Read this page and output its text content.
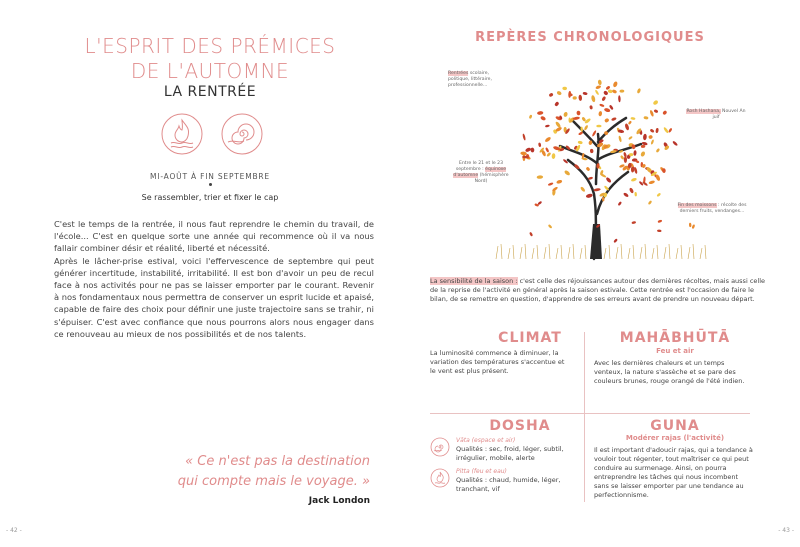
L'ESPRIT DES PRÉMICES
DE L'AUTOMNE
LA RENTRÉE
MI-AOÛT À FIN SEPTEMBRE
Se rassembler, trier et fixer le cap

C'est le temps de la rentrée, il nous faut reprendre le chemin du travail, de l'école... C'est en quelque sorte une année qui recommence où il va nous fallair combiner désir et réalité, liberté et nécessité.

Après le lâcher-prise estival, voici l'effervescence de septembre qui peut générer incertitude, instabilité, irritabilité. Il est bon d'avoir un peu de recul face à nos activités pour ne pas se laisser emporter par le courant. Revenir à nos fondamentaux nous permettra de conserver un esprit lucide et apaisé, capable de faire des choix pour définir une juste trajectoire sans se trahir, ni s'épuiser. C'est avec confiance que nous pourrons alors nous engager dans ce renouveau au mieux de nos possibilités et de nos talents.

« Ce n'est pas la destination
qui compte mais le voyage. »
Jack London
- 42 -
REPÈRES CHRONOLOGIQUES
Rentrées scolaire, politique, littéraire, professionnelle...
Rosh Hashana, Nouvel An juif
Entre le 21 et le 23 septembre : équinoxe d'automne (hémisphère Nord)
Fin des moissons : récolte des derniers fruits, vendanges...
La sensibilité de la saison : c'est celle des réjouissances autour des dernières récoltes, mais aussi celle de la reprise de l'activité en général après la saison estivale. Cette rentrée est l'occasion de faire le bilan, de se remettre en question, d'apprendre de ses erreurs avant de prendre un nouveau départ.
CLIMAT
La luminosité commence à diminuer, la variation des températures s'accentue et le vent est plus présent.
MAHĀBHŪTĀ
Feu et air
Avec les dernières chaleurs et un temps venteux, la nature s'assèche et se pare des couleurs brunes, rouge orangé de l'été indien.
DOSHA
Vāta (espace et air)
Qualités : sec, froid, léger, subtil, irrégulier, mobile, alerte
Pitta (feu et eau)
Qualités : chaud, humide, léger, tranchant, vif
GUNA
Modérer rajas (l'activité)
Il est important d'adoucir rajas, qui a tendance à vouloir tout régenter, tout maîtriser ce qui peut conduire au surmenage. Ainsi, on pourra entreprendre les tâches qui nous incombent sans se laisser emporter par une tendance au perfectionnisme.
- 43 -
